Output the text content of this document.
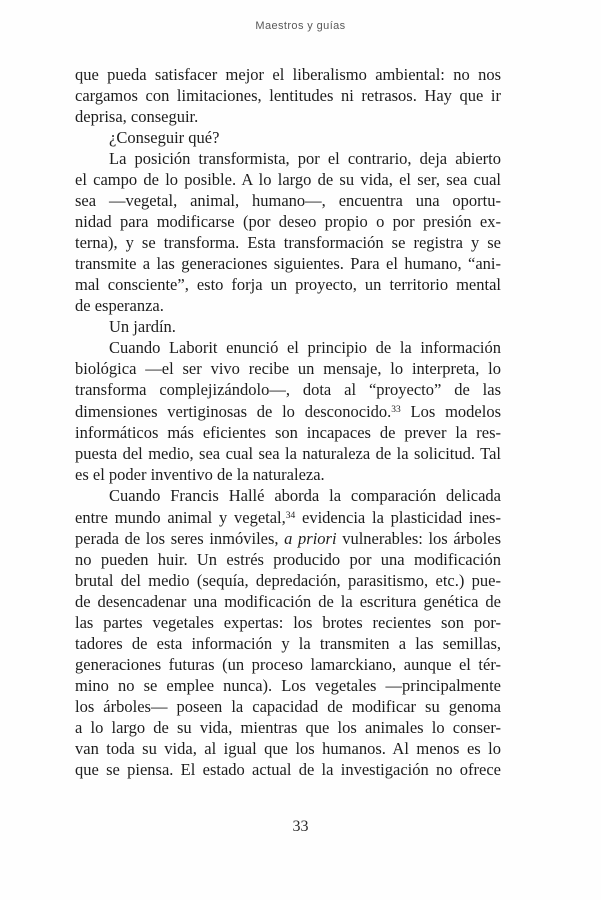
Maestros y guías
que pueda satisfacer mejor el liberalismo ambiental: no nos
cargamos con limitaciones, lentitudes ni retrasos. Hay que ir
deprisa, conseguir.
¿Conseguir qué?
La posición transformista, por el contrario, deja abierto
el campo de lo posible. A lo largo de su vida, el ser, sea cual
sea —vegetal, animal, humano—, encuentra una oportu-
nidad para modificarse (por deseo propio o por presión ex-
terna), y se transforma. Esta transformación se registra y se
transmite a las generaciones siguientes. Para el humano, “ani-
mal consciente”, esto forja un proyecto, un territorio mental
de esperanza.
Un jardín.
Cuando Laborit enunció el principio de la información
biológica —el ser vivo recibe un mensaje, lo interpreta, lo
transforma complejizándolo—, dota al “proyecto” de las
dimensiones vertiginosas de lo desconocido.$^{33}$ Los modelos
informáticos más eficientes son incapaces de prever la res-
puesta del medio, sea cual sea la naturaleza de la solicitud. Tal
es el poder inventivo de la naturaleza.
Cuando Francis Hallé aborda la comparación delicada
entre mundo animal y vegetal,$^{34}$ evidencia la plasticidad ines-
perada de los seres inmóviles, a priori vulnerables: los árboles
no pueden huir. Un estrés producido por una modificación
brutal del medio (sequía, depredación, parasitismo, etc.) pue-
de desencadenar una modificación de la escritura genética de
las partes vegetales expertas: los brotes recientes son por-
tadores de esta información y la transmiten a las semillas,
generaciones futuras (un proceso lamarckiano, aunque el tér-
mino no se emplee nunca). Los vegetales —principalmente
los árboles— poseen la capacidad de modificar su genoma
a lo largo de su vida, mientras que los animales lo conser-
van toda su vida, al igual que los humanos. Al menos es lo
que se piensa. El estado actual de la investigación no ofrece
33
